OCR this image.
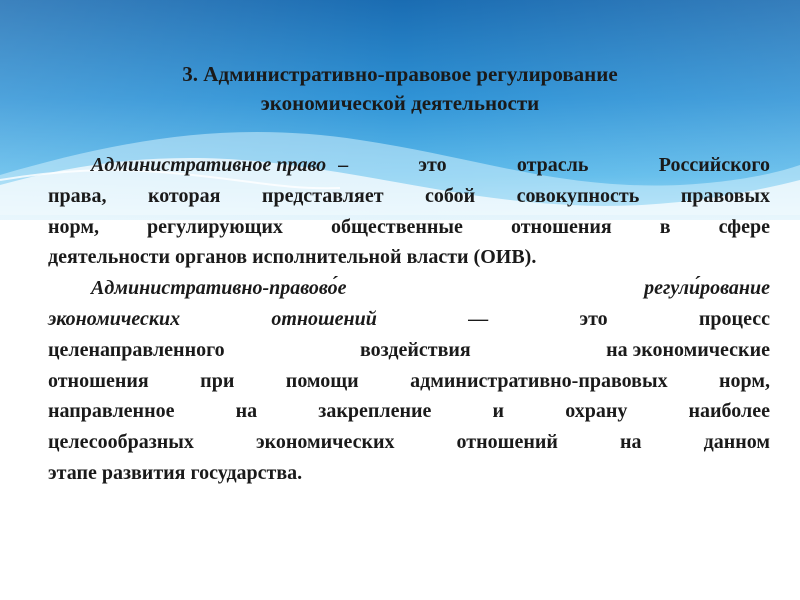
3. Административно-правовое регулирование
экономической деятельности
Административное право –	это	отрасль	Российского
права, которая представляет собой совокупность правовых
норм, регулирующих общественные отношения в сфере
деятельности органов исполнительной власти (ОИВ).
Административно-правово́е	регули́рование
экономических	отношений	—	это	процесс
целенаправленного	воздействия	на экономические
отношения при помощи административно-правовых норм,
направленное на закрепление и охрану наиболее
целесообразных экономических отношений на данном
этапе развития государства.
